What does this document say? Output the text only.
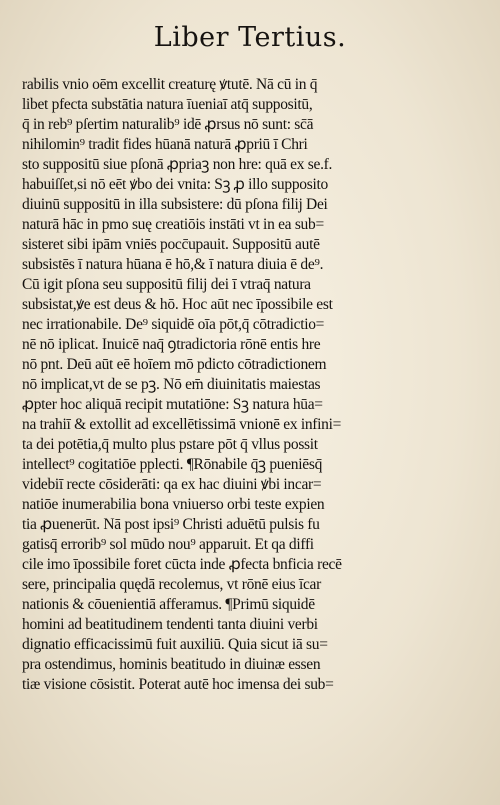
Liber Tertius.
rabilis vnio oēm excellit creaturę ꝟtutē. Nā cū in q̄
libet pfecta substātia natura īueniaī atq̄ suppositū,
q̄ in reb⁹ pſertim naturalib⁹ idē ꝓrsus nō sunt: sc̄ā
nihilomin⁹ tradit fides hūanā naturā ꝓpriū ī Chri
sto suppositū siue pſonā ꝓpriaꝫ non hre: quā ex se.f.
habuiſſet,si nō eēt ꝟbo dei vnita: Sꝫ ꝓ illo supposito
diuinū suppositū in illa subsistere: dū pſona filij Dei
naturā hāc in pmo suę creatiōis instāti vt in ea sub=
sisteret sibi ipām vniēs pocc̄upauit. Suppositū autē
subsistēs ī natura hūana ē hō,& ī natura diuia ē de⁹.
Cū igit pſona seu suppositū filij dei ī vtraq̄ natura
subsistat,ꝟe est deus & hō. Hoc aūt nec īpossibile est
nec irrationabile. De⁹ siquidē oīa pōt,q̄ cōtradictio=
nē nō iplicat. Inuicē naq̄ ꝯtradictoria rōnē entis hre
nō pnt. Deū aūt eē hoīem mō pdicto cōtradictionem
nō implicat,vt de se pꝫ. Nō em̄ diuinitatis maiestas
ꝓpter hoc aliquā recipit mutatiōne: Sꝫ natura hūa=
na trahiī & extollit ad excellētissimā vnionē ex infini=
ta dei potētia,q̄ multo plus pstare pōt q̄ vllus possit
intellect⁹ cogitatiōe pplecti. ¶Rōnabile q̄ꝫ pueniēsq̄
videbiī recte cōsiderāti: qa ex hac diuini ꝟbi incar=
natiōe inumerabilia bona vniuerso orbi teste expien
tia ꝓuenerūt. Nā post ipsi⁹ Christi aduētū pulsis fu
gatisq̄ errorib⁹ sol mūdo nou⁹ apparuit. Et qa diffi
cile imo īpossibile foret cūcta inde ꝓfecta bnficia recē
sere, principalia quędā recolemus, vt rōnē eius īcar
nationis & cōuenientiā afferamus. ¶Primū siquidē
homini ad beatitudinem tendenti tanta diuini verbi
dignatio efficacissimū fuit auxiliū. Quia sicut iā su=
pra ostendimus, hominis beatitudo in diuinæ essen
tiæ visione cōsistit. Poterat autē hoc imensa dei sub=
